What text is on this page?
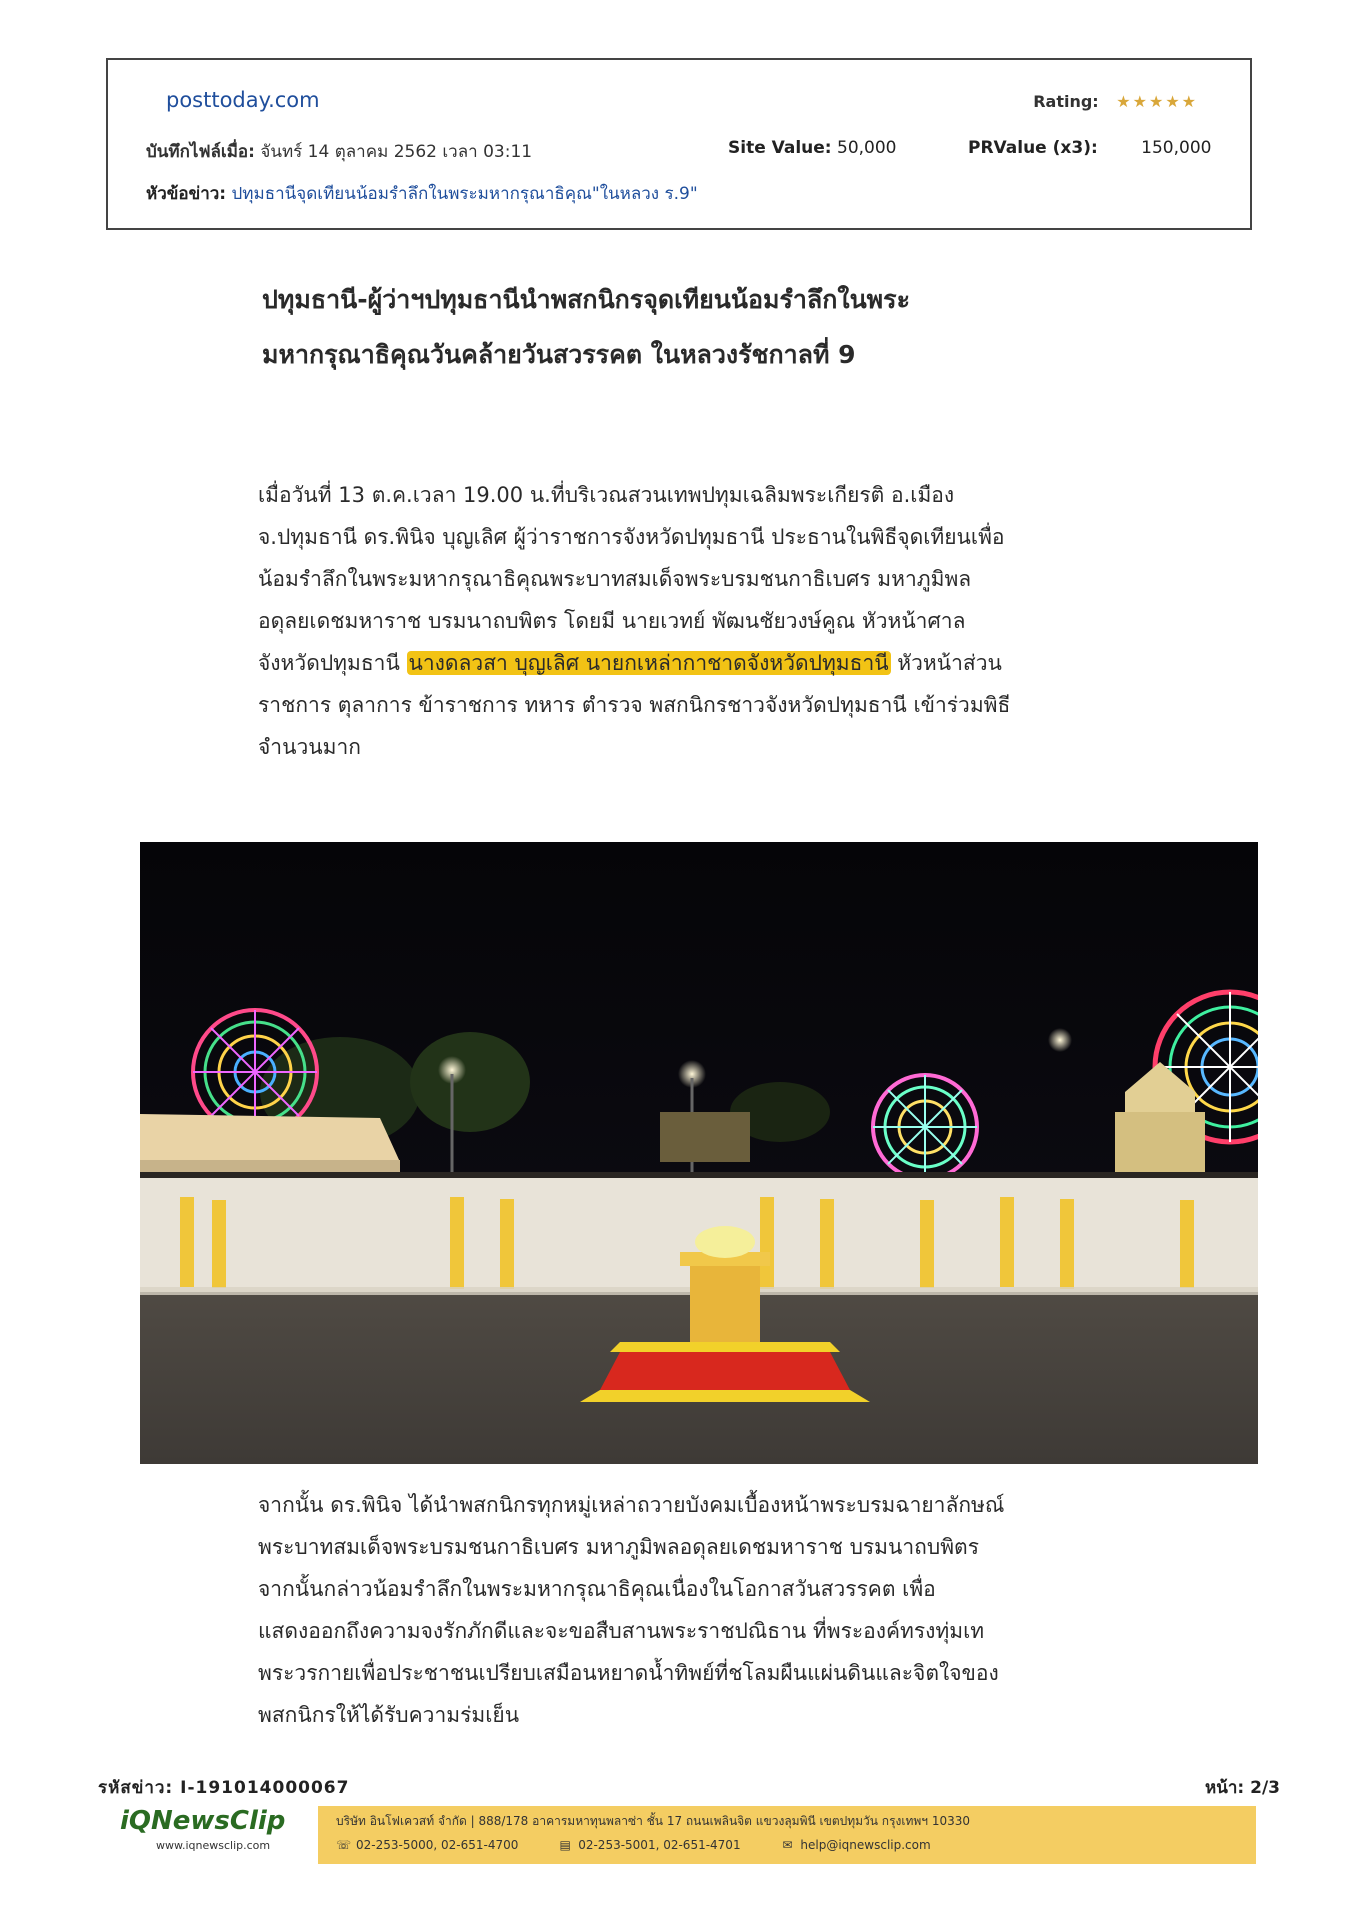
posttoday.com	Rating: ★★★★★
บันทึกไฟล์เมื่อ: จันทร์ 14 ตุลาคม 2562 เวลา 03:11	Site Value: 50,000	PRValue (x3):	150,000
หัวข้อข่าว: ปทุมธานีจุดเทียนน้อมรำลึกในพระมหากรุณาธิคุณ"ในหลวง ร.9"
ปทุมธานี-ผู้ว่าฯปทุมธานีนำพสกนิกรจุดเทียนน้อมรำลึกในพระ
มหากรุณาธิคุณวันคล้ายวันสวรรคต ในหลวงรัชกาลที่ 9

เมื่อวันที่ 13 ต.ค.เวลา 19.00 น.ที่บริเวณสวนเทพปทุมเฉลิมพระเกียรติ อ.เมือง
จ.ปทุมธานี ดร.พินิจ บุญเลิศ ผู้ว่าราชการจังหวัดปทุมธานี ประธานในพิธีจุดเทียนเพื่อ
น้อมรำลึกในพระมหากรุณาธิคุณพระบาทสมเด็จพระบรมชนกาธิเบศร มหาภูมิพล
อดุลยเดชมหาราช บรมนาถบพิตร โดยมี นายเวทย์ พัฒนชัยวงษ์คูณ หัวหน้าศาล
จังหวัดปทุมธานี นางดลวสา บุญเลิศ นายกเหล่ากาชาดจังหวัดปทุมธานี หัวหน้าส่วน
ราชการ ตุลาการ ข้าราชการ ทหาร ตำรวจ พสกนิกรชาวจังหวัดปทุมธานี เข้าร่วมพิธี
จำนวนมาก

จากนั้น ดร.พินิจ ได้นำพสกนิกรทุกหมู่เหล่าถวายบังคมเบื้องหน้าพระบรมฉายาลักษณ์
พระบาทสมเด็จพระบรมชนกาธิเบศร มหาภูมิพลอดุลยเดชมหาราช บรมนาถบพิตร
จากนั้นกล่าวน้อมรำลึกในพระมหากรุณาธิคุณเนื่องในโอกาสวันสวรรคต เพื่อ
แสดงออกถึงความจงรักภักดีและจะขอสืบสานพระราชปณิธาน ที่พระองค์ทรงทุ่มเท
พระวรกายเพื่อประชาชนเปรียบเสมือนหยาดน้ำทิพย์ที่ชโลมผืนแผ่นดินและจิตใจของ
พสกนิกรให้ได้รับความร่มเย็น

รหัสข่าว: I-191014000067	หน้า: 2/3
iQNewsClip
www.iqnewsclip.com
บริษัท อินโฟเควสท์ จำกัด | 888/178 อาคารมหาทุนพลาซ่า ชั้น 17 ถนนเพลินจิต แขวงลุมพินี เขตปทุมวัน กรุงเทพฯ 10330
☏ 02-253-5000, 02-651-4700	▤ 02-253-5001, 02-651-4701	✉ help@iqnewsclip.com
